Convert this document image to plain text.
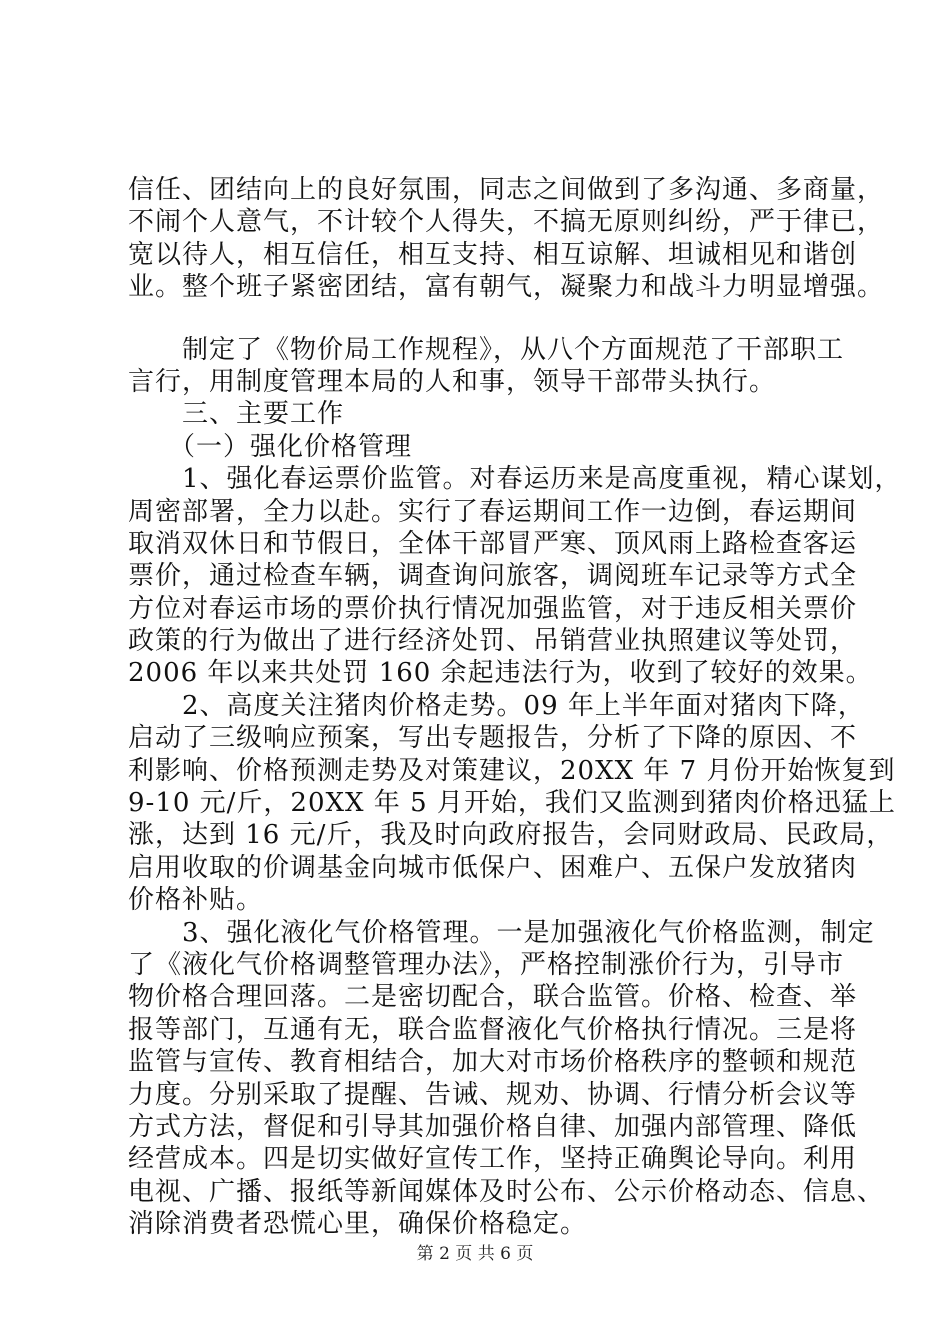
信任、团结向上的良好氛围，同志之间做到了多沟通、多商量，
不闹个人意气，不计较个人得失，不搞无原则纠纷，严于律已，
宽以待人，相互信任，相互支持、相互谅解、坦诚相见和谐创
业。整个班子紧密团结，富有朝气，凝聚力和战斗力明显增强。
　　制定了《物价局工作规程》，从八个方面规范了干部职工
言行，用制度管理本局的人和事，领导干部带头执行。
　　三、主要工作
　　（一）强化价格管理
　　1、强化春运票价监管。对春运历来是高度重视，精心谋划，
周密部署，全力以赴。实行了春运期间工作一边倒，春运期间
取消双休日和节假日，全体干部冒严寒、顶风雨上路检查客运
票价，通过检查车辆，调查询问旅客，调阅班车记录等方式全
方位对春运市场的票价执行情况加强监管，对于违反相关票价
政策的行为做出了进行经济处罚、吊销营业执照建议等处罚，
2006 年以来共处罚 160 余起违法行为，收到了较好的效果。
　　2、高度关注猪肉价格走势。09 年上半年面对猪肉下降，
启动了三级响应预案，写出专题报告，分析了下降的原因、不
利影响、价格预测走势及对策建议，20XX 年 7 月份开始恢复到
9-10 元/斤，20XX 年 5 月开始，我们又监测到猪肉价格迅猛上
涨，达到 16 元/斤，我及时向政府报告，会同财政局、民政局，
启用收取的价调基金向城市低保户、困难户、五保户发放猪肉
价格补贴。
　　3、强化液化气价格管理。一是加强液化气价格监测，制定
了《液化气价格调整管理办法》，严格控制涨价行为，引导市
物价格合理回落。二是密切配合，联合监管。价格、检查、举
报等部门，互通有无，联合监督液化气价格执行情况。三是将
监管与宣传、教育相结合，加大对市场价格秩序的整顿和规范
力度。分别采取了提醒、告诫、规劝、协调、行情分析会议等
方式方法，督促和引导其加强价格自律、加强内部管理、降低
经营成本。四是切实做好宣传工作，坚持正确舆论导向。利用
电视、广播、报纸等新闻媒体及时公布、公示价格动态、信息、
消除消费者恐慌心里，确保价格稳定。
第 2 页 共 6 页
